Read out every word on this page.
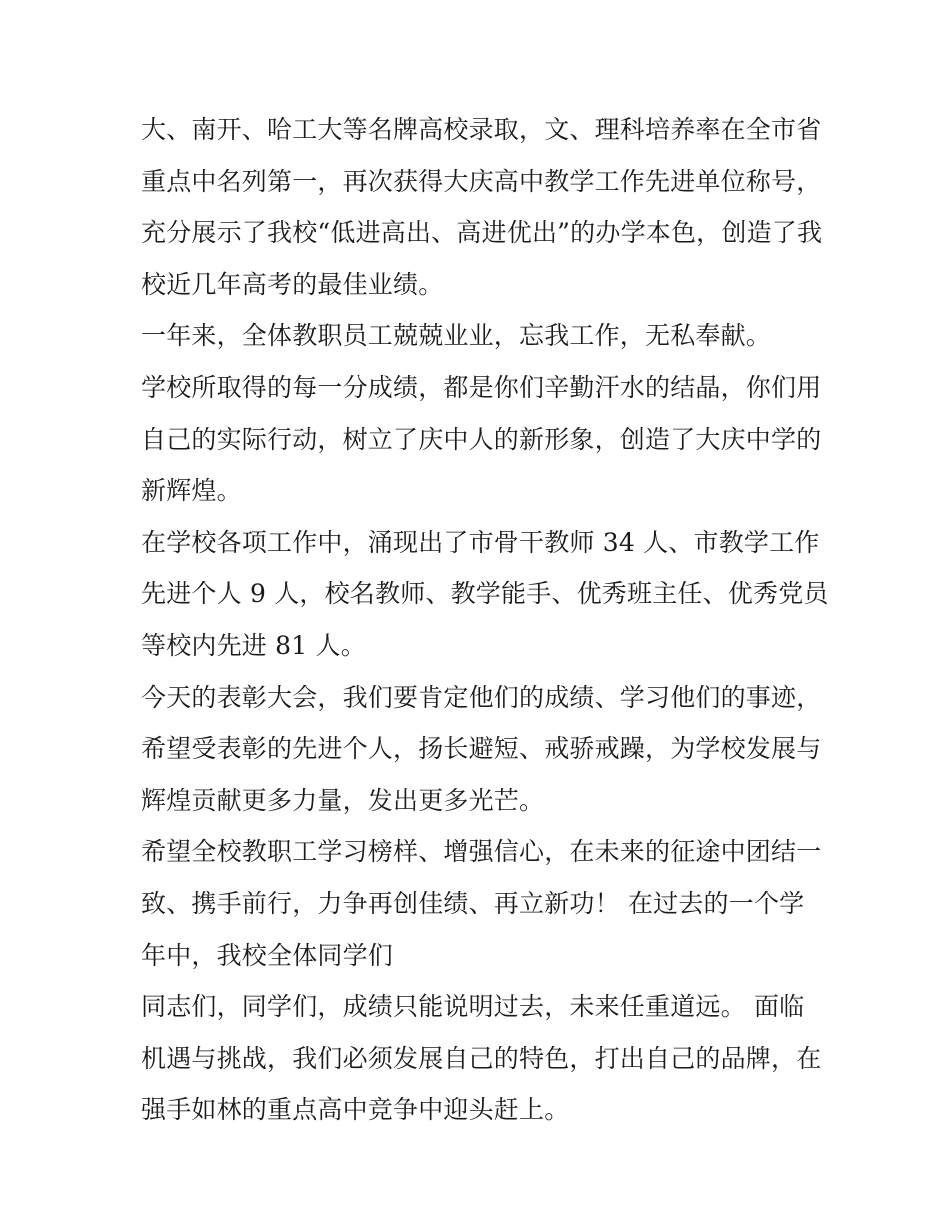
大、南开、哈工大等名牌高校录取，文、理科培养率在全市省
重点中名列第一，再次获得大庆高中教学工作先进单位称号，
充分展示了我校“低进高出、高进优出”的办学本色，创造了我
校近几年高考的最佳业绩。

一年来，全体教职员工兢兢业业，忘我工作，无私奉献。

学校所取得的每一分成绩，都是你们辛勤汗水的结晶，你们用
自己的实际行动，树立了庆中人的新形象，创造了大庆中学的
新辉煌。

在学校各项工作中，涌现出了市骨干教师 34 人、市教学工作
先进个人 9 人，校名教师、教学能手、优秀班主任、优秀党员
等校内先进 81 人。

今天的表彰大会，我们要肯定他们的成绩、学习他们的事迹，
希望受表彰的先进个人，扬长避短、戒骄戒躁，为学校发展与
辉煌贡献更多力量，发出更多光芒。

希望全校教职工学习榜样、增强信心，在未来的征途中团结一
致、携手前行，力争再创佳绩、再立新功！ 在过去的一个学
年中，我校全体同学们

同志们，同学们，成绩只能说明过去，未来任重道远。 面临
机遇与挑战，我们必须发展自己的特色，打出自己的品牌，在
强手如林的重点高中竞争中迎头赶上。
